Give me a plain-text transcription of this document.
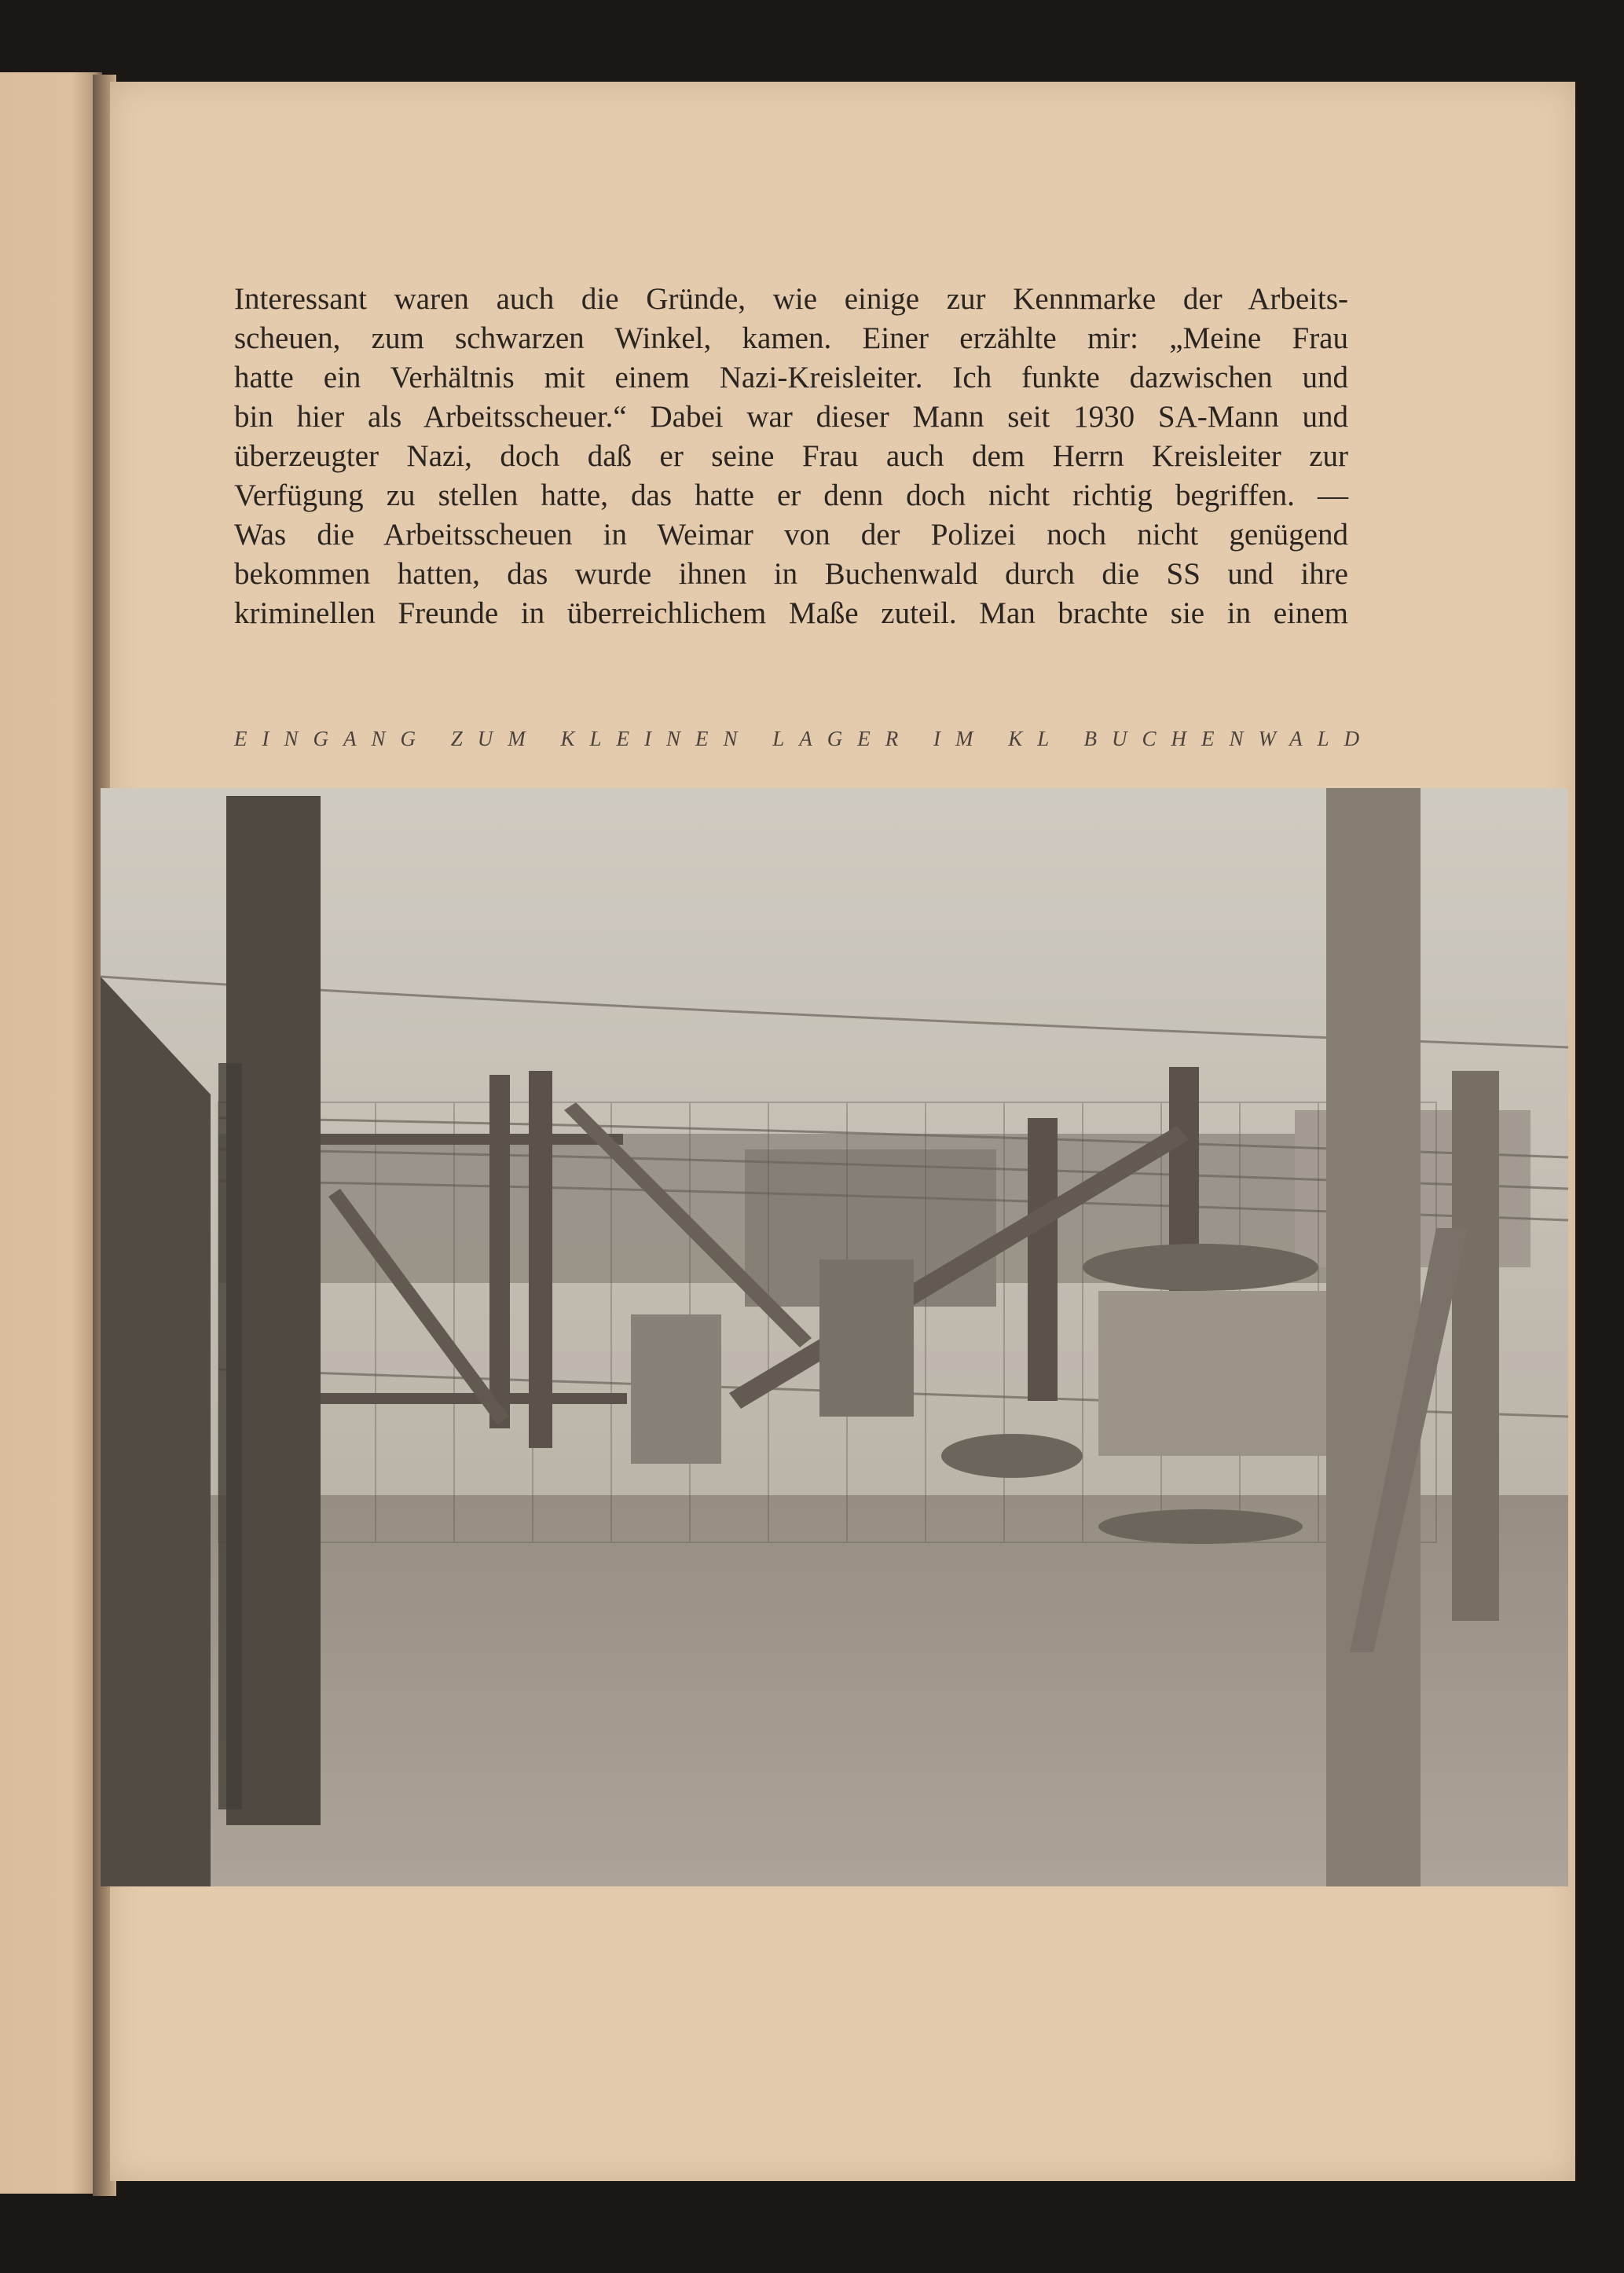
Interessant waren auch die Gründe, wie einige zur Kennmarke der Arbeits-
scheuen, zum schwarzen Winkel, kamen. Einer erzählte mir: „Meine Frau
hatte ein Verhältnis mit einem Nazi-Kreisleiter. Ich funkte dazwischen und
bin hier als Arbeitsscheuer.“ Dabei war dieser Mann seit 1930 SA-Mann und
überzeugter Nazi, doch daß er seine Frau auch dem Herrn Kreisleiter zur
Verfügung zu stellen hatte, das hatte er denn doch nicht richtig begriffen. —
Was die Arbeitsscheuen in Weimar von der Polizei noch nicht genügend
bekommen hatten, das wurde ihnen in Buchenwald durch die SS und ihre
kriminellen Freunde in überreichlichem Maße zuteil. Man brachte sie in einem

EINGANG ZUM KLEINEN LAGER IM KL BUCHENWALD
